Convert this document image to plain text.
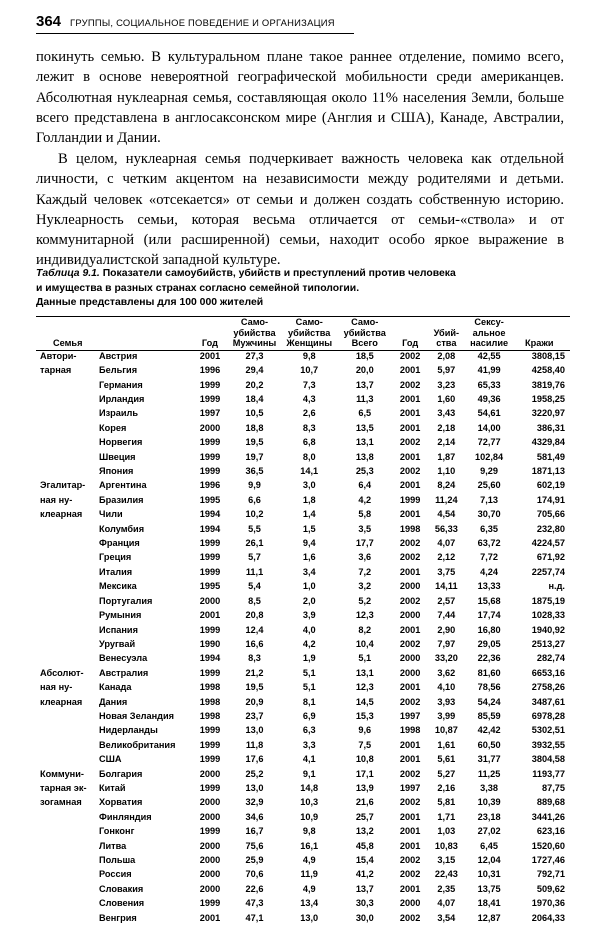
364 ГРУППЫ, СОЦИАЛЬНОЕ ПОВЕДЕНИЕ И ОРГАНИЗАЦИЯ

покинуть семью. В культуральном плане такое раннее отделение, помимо всего, лежит в основе невероятной географической мобильности среди американцев. Абсолютная нуклеарная семья, составляющая около 11% населения Земли, больше всего представлена в англосаксонском мире (Англия и США), Канаде, Австралии, Голландии и Дании.

В целом, нуклеарная семья подчеркивает важность человека как отдельной личности, с четким акцентом на независимости между родителями и детьми. Каждый человек «отсекается» от семьи и должен создать собственную историю. Нуклеарность семьи, которая весьма отличается от семьи-«ствола» и от коммунитарной (или расширенной) семьи, находит особо яркое выражение в индивидуалистской западной культуре.

Таблица 9.1. Показатели самоубийств, убийств и преступлений против человека
и имущества в разных странах согласно семейной типологии.
Данные представлены для 100 000 жителей
Семья		Год	Само-
убийства
Мужчины	Само-
убийства
Женщины	Само-
убийства
Всего	Год	Убий-
ства	Сексу-
альное
насилие	Кражи
Автори-	Австрия	2001	27,3	9,8	18,5	2002	2,08	42,55	3808,15
тарная	Бельгия	1996	29,4	10,7	20,0	2001	5,97	41,99	4258,40
	Германия	1999	20,2	7,3	13,7	2002	3,23	65,33	3819,76
	Ирландия	1999	18,4	4,3	11,3	2001	1,60	49,36	1958,25
	Израиль	1997	10,5	2,6	6,5	2001	3,43	54,61	3220,97
	Корея	2000	18,8	8,3	13,5	2001	2,18	14,00	386,31
	Норвегия	1999	19,5	6,8	13,1	2002	2,14	72,77	4329,84
	Швеция	1999	19,7	8,0	13,8	2001	1,87	102,84	581,49
	Япония	1999	36,5	14,1	25,3	2002	1,10	9,29	1871,13
Эгалитар-	Аргентина	1996	9,9	3,0	6,4	2001	8,24	25,60	602,19
ная ну-	Бразилия	1995	6,6	1,8	4,2	1999	11,24	7,13	174,91
клеарная	Чили	1994	10,2	1,4	5,8	2001	4,54	30,70	705,66
	Колумбия	1994	5,5	1,5	3,5	1998	56,33	6,35	232,80
	Франция	1999	26,1	9,4	17,7	2002	4,07	63,72	4224,57
	Греция	1999	5,7	1,6	3,6	2002	2,12	7,72	671,92
	Италия	1999	11,1	3,4	7,2	2001	3,75	4,24	2257,74
	Мексика	1995	5,4	1,0	3,2	2000	14,11	13,33	н.д.
	Португалия	2000	8,5	2,0	5,2	2002	2,57	15,68	1875,19
	Румыния	2001	20,8	3,9	12,3	2000	7,44	17,74	1028,33
	Испания	1999	12,4	4,0	8,2	2001	2,90	16,80	1940,92
	Уругвай	1990	16,6	4,2	10,4	2002	7,97	29,05	2513,27
	Венесуэла	1994	8,3	1,9	5,1	2000	33,20	22,36	282,74
Абсолют-	Австралия	1999	21,2	5,1	13,1	2000	3,62	81,60	6653,16
ная ну-	Канада	1998	19,5	5,1	12,3	2001	4,10	78,56	2758,26
клеарная	Дания	1998	20,9	8,1	14,5	2002	3,93	54,24	3487,61
	Новая Зеландия	1998	23,7	6,9	15,3	1997	3,99	85,59	6978,28
	Нидерланды	1999	13,0	6,3	9,6	1998	10,87	42,42	5302,51
	Великобритания	1999	11,8	3,3	7,5	2001	1,61	60,50	3932,55
	США	1999	17,6	4,1	10,8	2001	5,61	31,77	3804,58
Коммуни-	Болгария	2000	25,2	9,1	17,1	2002	5,27	11,25	1193,77
тарная эк-	Китай	1999	13,0	14,8	13,9	1997	2,16	3,38	87,75
зогамная	Хорватия	2000	32,9	10,3	21,6	2002	5,81	10,39	889,68
	Финляндия	2000	34,6	10,9	25,7	2001	1,71	23,18	3441,26
	Гонконг	1999	16,7	9,8	13,2	2001	1,03	27,02	623,16
	Литва	2000	75,6	16,1	45,8	2001	10,83	6,45	1520,60
	Польша	2000	25,9	4,9	15,4	2002	3,15	12,04	1727,46
	Россия	2000	70,6	11,9	41,2	2002	22,43	10,31	792,71
	Словакия	2000	22,6	4,9	13,7	2001	2,35	13,75	509,62
	Словения	1999	47,3	13,4	30,3	2000	4,07	18,41	1970,36
	Венгрия	2001	47,1	13,0	30,0	2002	3,54	12,87	2064,33
